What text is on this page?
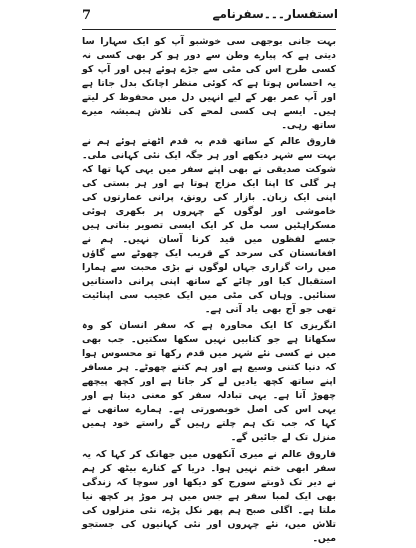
7	استفسار۔۔۔سفرنامے

بہت جانی بوجھی سی خوشبو آپ کو ایک سہارا سا دیتی ہے کہ پیارے وطن سے دور ہو کر بھی کسی نہ کسی طرح اس کی مٹی سے جڑے ہوئے ہیں اور آپ کو یہ احساس ہوتا ہے کہ کوئی منظر اچانک بدل جاتا ہے اور آپ عمر بھر کے لیے انہیں دل میں محفوظ کر لیتے ہیں۔ ایسے ہی کسی لمحے کی تلاش ہمیشہ میرے ساتھ رہی۔

فاروق عالم کے ساتھ قدم بہ قدم اٹھتے ہوئے ہم نے بہت سے شہر دیکھے اور ہر جگہ ایک نئی کہانی ملی۔ شوکت صدیقی نے بھی اپنے سفر میں یہی کہا تھا کہ ہر گلی کا اپنا ایک مزاج ہوتا ہے اور ہر بستی کی اپنی ایک زبان۔ بازار کی رونق، پرانی عمارتوں کی خاموشی اور لوگوں کے چہروں پر بکھری ہوئی مسکراہٹیں سب مل کر ایک ایسی تصویر بناتی ہیں جسے لفظوں میں قید کرنا آسان نہیں۔ ہم نے افغانستان کی سرحد کے قریب ایک چھوٹے سے گاؤں میں رات گزاری جہاں لوگوں نے بڑی محبت سے ہمارا استقبال کیا اور چائے کے ساتھ اپنی پرانی داستانیں سنائیں۔ وہاں کی مٹی میں ایک عجیب سی اپنائیت تھی جو آج بھی یاد آتی ہے۔

انگریزی کا ایک محاورہ ہے کہ سفر انسان کو وہ سکھاتا ہے جو کتابیں نہیں سکھا سکتیں۔ جب بھی میں نے کسی نئے شہر میں قدم رکھا تو محسوس ہوا کہ دنیا کتنی وسیع ہے اور ہم کتنے چھوٹے۔ ہر مسافر اپنے ساتھ کچھ یادیں لے کر جاتا ہے اور کچھ پیچھے چھوڑ آتا ہے۔ یہی تبادلہ سفر کو معنی دیتا ہے اور یہی اس کی اصل خوبصورتی ہے۔ ہمارے ساتھی نے کہا کہ جب تک ہم چلتے رہیں گے راستے خود ہمیں منزل تک لے جائیں گے۔

فاروق عالم نے میری آنکھوں میں جھانک کر کہا کہ یہ سفر ابھی ختم نہیں ہوا۔ دریا کے کنارے بیٹھ کر ہم نے دیر تک ڈوبتے سورج کو دیکھا اور سوچا کہ زندگی بھی ایک لمبا سفر ہے جس میں ہر موڑ پر کچھ نیا ملتا ہے۔ اگلی صبح ہم پھر نکل پڑے، نئی منزلوں کی تلاش میں، نئے چہروں اور نئی کہانیوں کی جستجو میں۔
